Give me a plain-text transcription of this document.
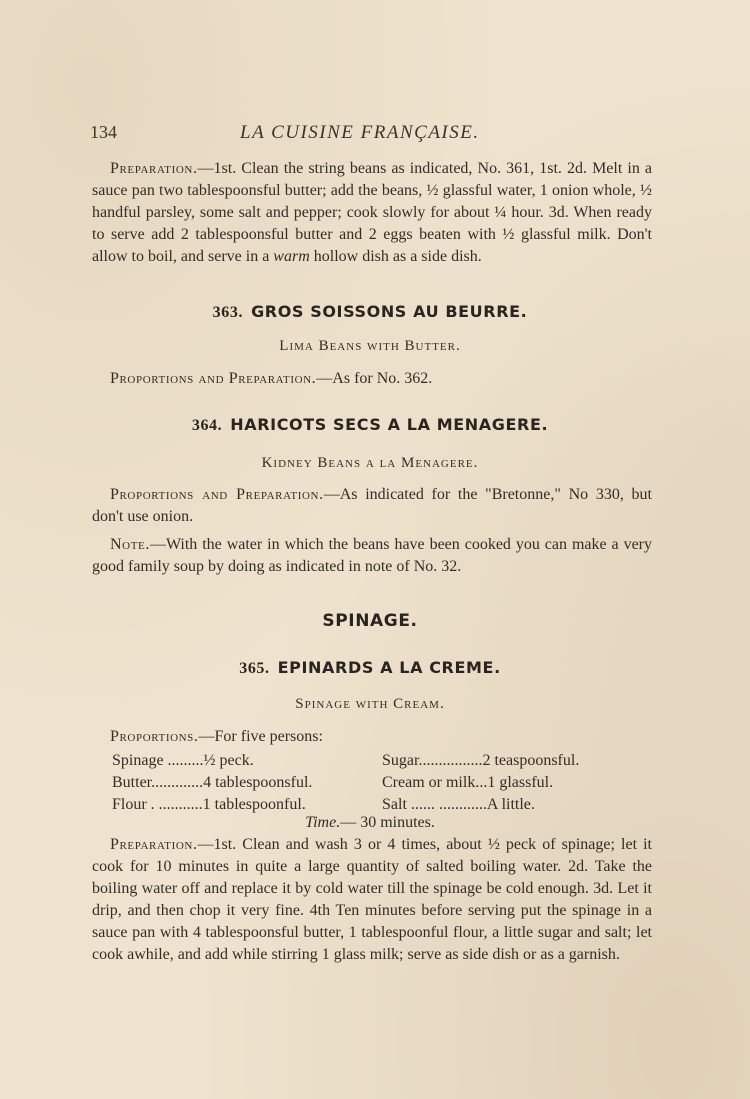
134	LA CUISINE FRANÇAISE.

Preparation.—1st. Clean the string beans as indicated, No. 361, 1st. 2d. Melt in a sauce pan two tablespoonsful butter; add the beans, ½ glassful water, 1 onion whole, ½ handful parsley, some salt and pepper; cook slowly for about ¼ hour. 3d. When ready to serve add 2 tablespoonsful butter and 2 eggs beaten with ½ glassful milk. Don't allow to boil, and serve in a warm hollow dish as a side dish.

363. GROS SOISSONS AU BEURRE.
Lima Beans with Butter.

Proportions and Preparation.—As for No. 362.

364. HARICOTS SECS A LA MENAGERE.
Kidney Beans a la Menagere.

Proportions and Preparation.—As indicated for the "Bretonne," No 330, but don't use onion.

Note.—With the water in which the beans have been cooked you can make a very good family soup by doing as indicated in note of No. 32.

SPINAGE.
365. EPINARDS A LA CREME.
Spinage with Cream.
Proportions.—For five persons:
Spinage .........½ peck.	Sugar................2 teaspoonsful.
Butter.............4 tablespoonsful.	Cream or milk...1 glassful.
Flour . ...........1 tablespoonful.	Salt ...... ............A little.
Time.— 30 minutes.

Preparation.—1st. Clean and wash 3 or 4 times, about ½ peck of spinage; let it cook for 10 minutes in quite a large quantity of salted boiling water. 2d. Take the boiling water off and replace it by cold water till the spinage be cold enough. 3d. Let it drip, and then chop it very fine. 4th Ten minutes before serving put the spinage in a sauce pan with 4 tablespoonsful butter, 1 tablespoonful flour, a little sugar and salt; let cook awhile, and add while stirring 1 glass milk; serve as side dish or as a garnish.
